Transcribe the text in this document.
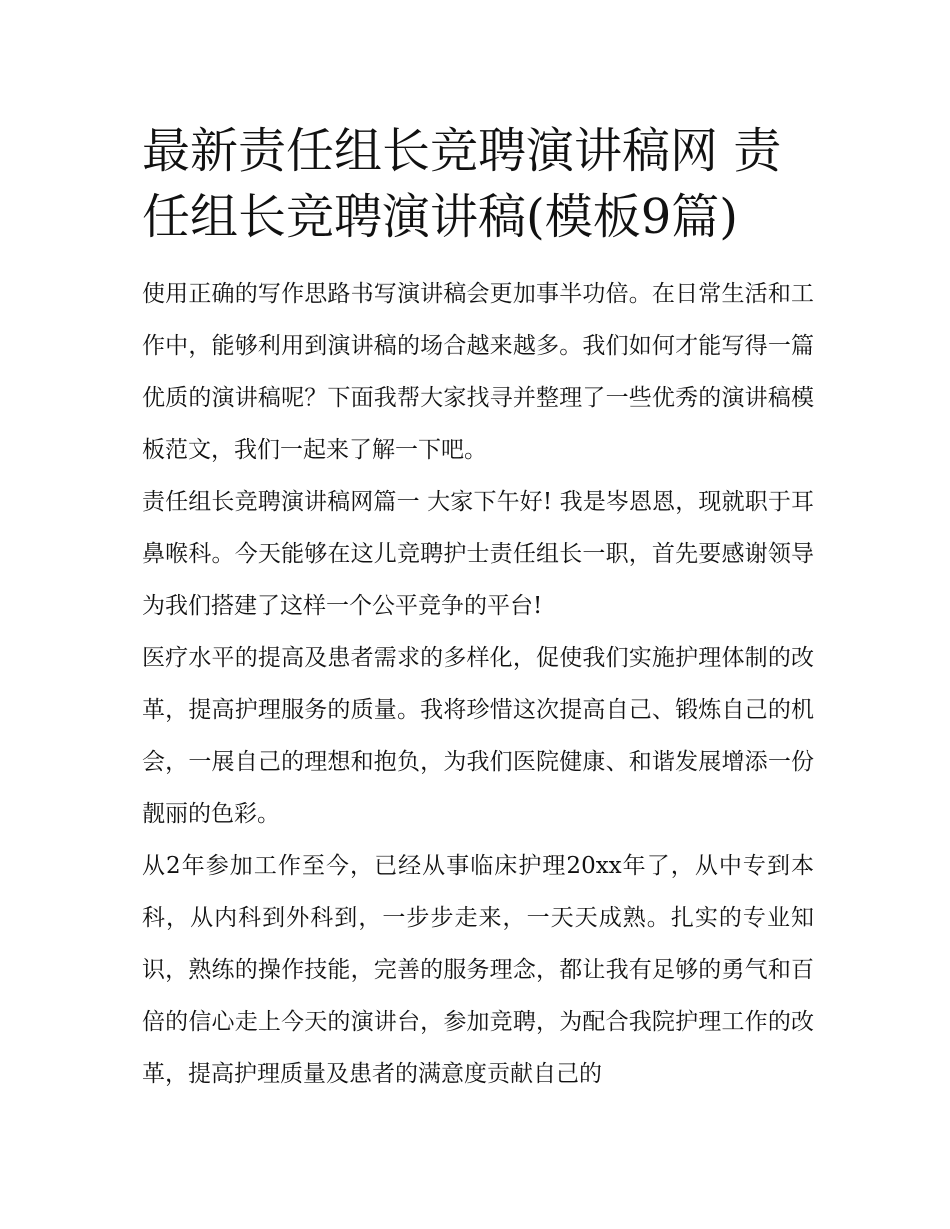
最新责任组长竞聘演讲稿网 责任组长竞聘演讲稿(模板9篇)

使用正确的写作思路书写演讲稿会更加事半功倍。在日常生活和工作中，能够利用到演讲稿的场合越来越多。我们如何才能写得一篇优质的演讲稿呢？下面我帮大家找寻并整理了一些优秀的演讲稿模板范文，我们一起来了解一下吧。

责任组长竞聘演讲稿网篇一 大家下午好! 我是岑恩恩，现就职于耳鼻喉科。今天能够在这儿竞聘护士责任组长一职，首先要感谢领导为我们搭建了这样一个公平竞争的平台!

医疗水平的提高及患者需求的多样化，促使我们实施护理体制的改革，提高护理服务的质量。我将珍惜这次提高自己、锻炼自己的机会，一展自己的理想和抱负，为我们医院健康、和谐发展增添一份靓丽的色彩。

从2年参加工作至今，已经从事临床护理20xx年了，从中专到本科，从内科到外科到，一步步走来，一天天成熟。扎实的专业知识，熟练的操作技能，完善的服务理念，都让我有足够的勇气和百倍的信心走上今天的演讲台，参加竞聘，为配合我院护理工作的改革，提高护理质量及患者的满意度贡献自己的
